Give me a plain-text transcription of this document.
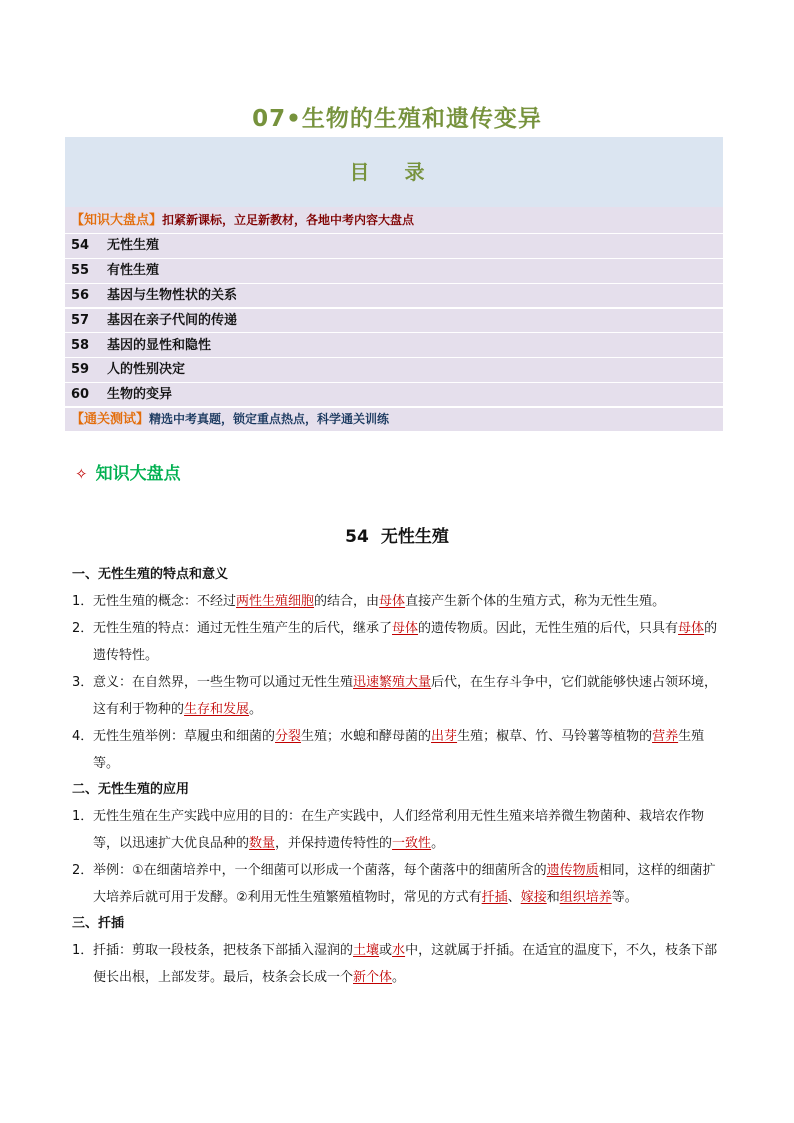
07•生物的生殖和遗传变异
目 录
【知识大盘点】 扣紧新课标，立足新教材，各地中考内容大盘点
54	无性生殖
55	有性生殖
56	基因与生物性状的关系
57	基因在亲子代间的传递
58	基因的显性和隐性
59	人的性别决定
60	生物的变异
【通关测试】 精选中考真题，锁定重点热点，科学通关训练
✧ 知识大盘点
54 无性生殖
一、无性生殖的特点和意义
1． 无性生殖的概念：不经过两性生殖细胞的结合，由母体直接产生新个体的生殖方式，称为无性生殖。
2． 无性生殖的特点：通过无性生殖产生的后代，继承了母体的遗传物质。因此，无性生殖的后代，只具有母体的遗传特性。
3． 意义：在自然界，一些生物可以通过无性生殖迅速繁殖大量后代，在生存斗争中，它们就能够快速占领环境，这有利于物种的生存和发展。
4． 无性生殖举例：草履虫和细菌的分裂生殖；水螅和酵母菌的出芽生殖；椒草、竹、马铃薯等植物的营养生殖等。
二、无性生殖的应用
1． 无性生殖在生产实践中应用的目的：在生产实践中，人们经常利用无性生殖来培养微生物菌种、栽培农作物等，以迅速扩大优良品种的数量，并保持遗传特性的一致性。
2． 举例：①在细菌培养中，一个细菌可以形成一个菌落，每个菌落中的细菌所含的遗传物质相同，这样的细菌扩大培养后就可用于发酵。②利用无性生殖繁殖植物时，常见的方式有扦插、嫁接和组织培养等。
三、扦插
1． 扦插：剪取一段枝条，把枝条下部插入湿润的土壤或水中，这就属于扦插。在适宜的温度下，不久，枝条下部便长出根，上部发芽。最后，枝条会长成一个新个体。
